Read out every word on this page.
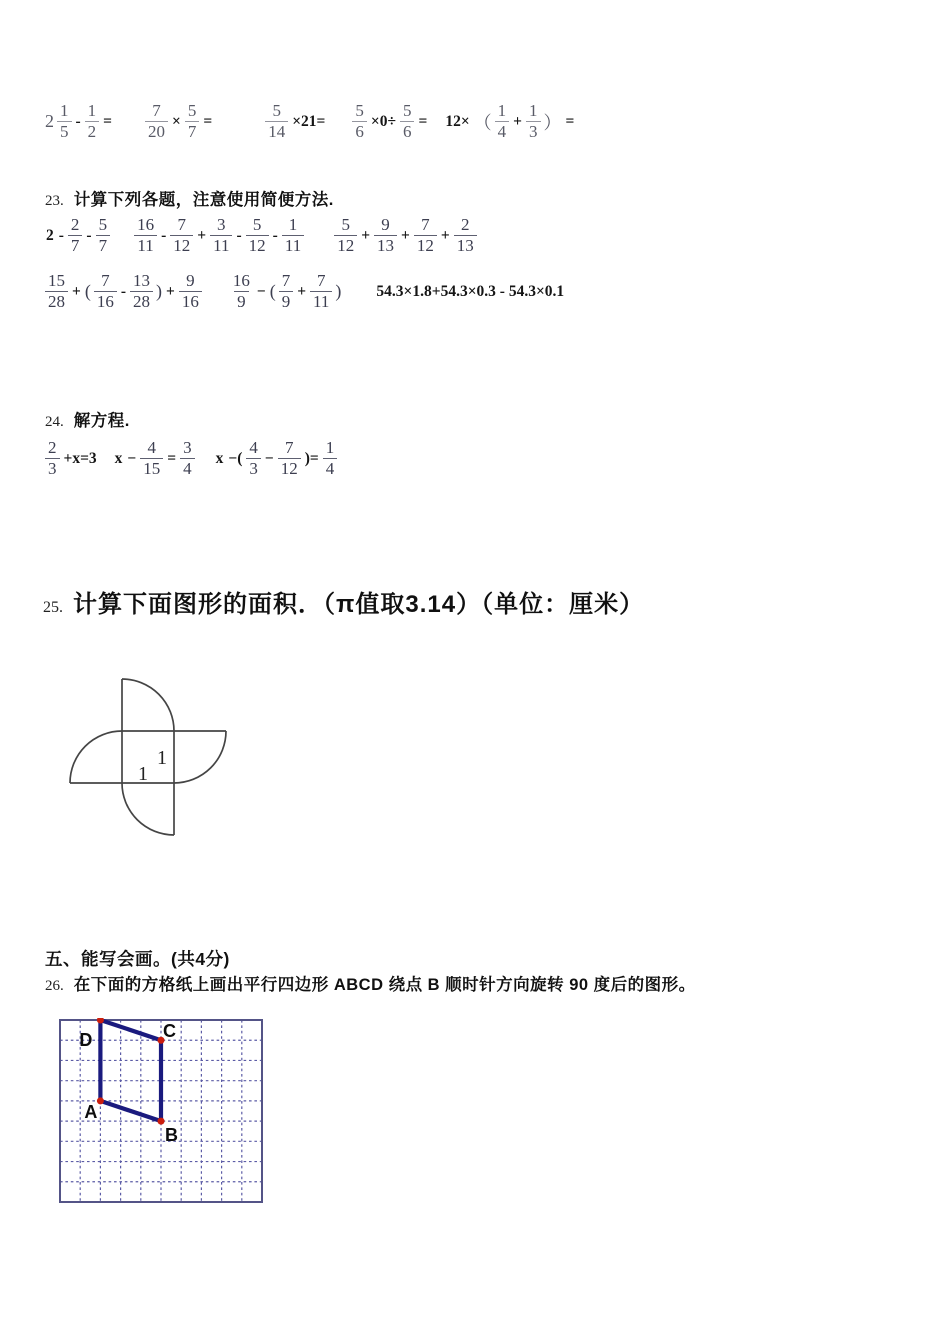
$2 \frac{1}{5} - \frac{1}{2} = \frac{7}{20} \times \frac{5}{7}$ =	$\frac{5}{14} \times 21= \frac{5}{6} \times 0\div \frac{5}{6} = 12\times$ （ $\frac{1}{4} + \frac{1}{3}$ ） =
23. 计算下列各题，注意使用简便方法.
$2 - \frac{2}{7} - \frac{5}{7} \frac{16}{11} - \frac{7}{12} + \frac{3}{11} - \frac{5}{12} - \frac{1}{11} \frac{5}{12} + \frac{9}{13} + \frac{7}{12} + \frac{2}{13}$
$\frac{15}{28}$ + ( $\frac{7}{16} - \frac{13}{28}$ ) + $\frac{9}{16} \frac{16}{9}$ − ( $\frac{7}{9} + \frac{7}{11}$ ) 54.3×1.8+54.3×0.3 - 54.3×0.1
24. 解方程.
$\frac{2}{3} +x=3$ $x - \frac{4}{15} = \frac{3}{4}$ x −( $\frac{4}{3} - \frac{7}{12}$ )= $\frac{1}{4}$
25. 计算下面图形的面积．（π值取3.14）（单位：厘米）
1
1
五、能写会画。(共4分)
26. 在下面的方格纸上画出平行四边形 ABCD 绕点 B 顺时针方向旋转 90 度后的图形。
D	C
B
A
